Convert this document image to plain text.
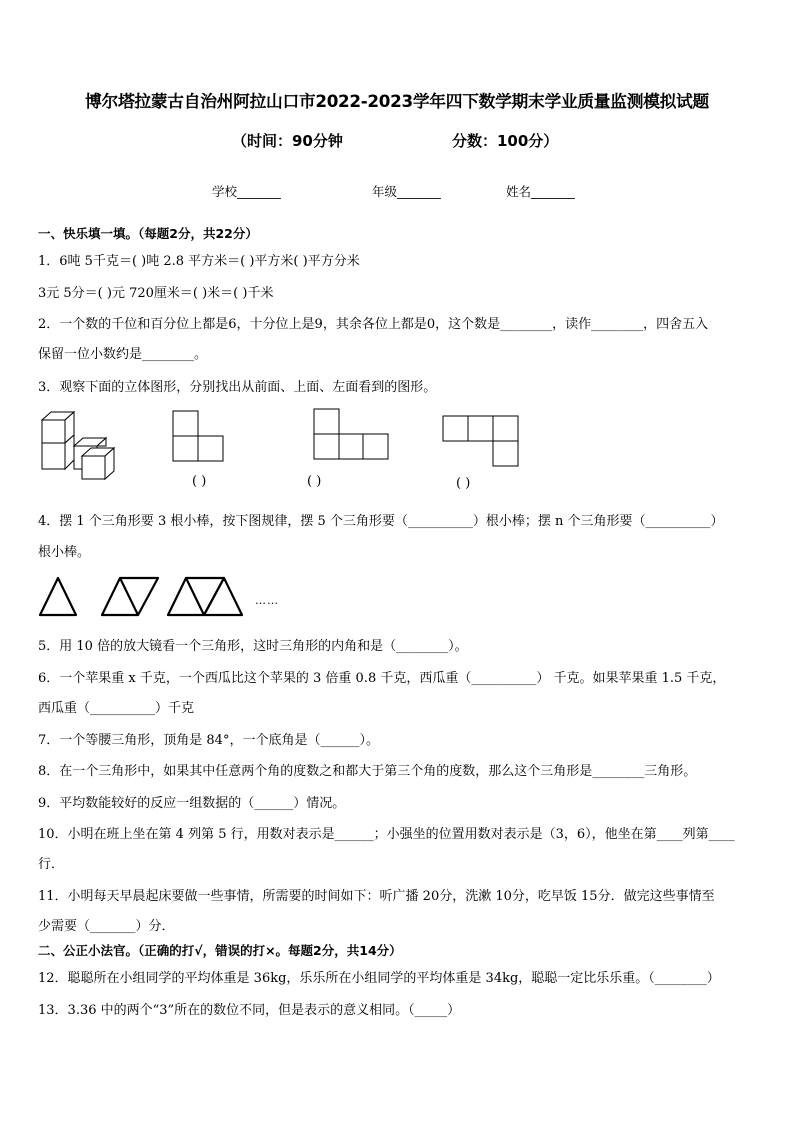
博尔塔拉蒙古自治州阿拉山口市2022-2023学年四下数学期末学业质量监测模拟试题
（时间：90分钟	分数：100分）
学校_______	年级_______	姓名_______
一、快乐填一填。（每题2分，共22分）
1．6吨 5千克＝( )吨 2.8 平方米＝( )平方米( )平方分米
3元 5分＝( )元 720厘米＝( )米＝( )千米
2．一个数的千位和百分位上都是6，十分位上是9，其余各位上都是0，这个数是________，读作________，四舍五入
保留一位小数约是________。
3．观察下面的立体图形，分别找出从前面、上面、左面看到的图形。
( )	( )	( )
4．摆 1 个三角形要 3 根小棒，按下图规律，摆 5 个三角形要（__________）根小棒；摆 n 个三角形要（__________）
根小棒。
……
5．用 10 倍的放大镜看一个三角形，这时三角形的内角和是（________）。
6．一个苹果重 x 千克，一个西瓜比这个苹果的 3 倍重 0.8 千克，西瓜重（__________） 千克。如果苹果重 1.5 千克，
西瓜重（__________）千克
7．一个等腰三角形，顶角是 84°，一个底角是（______）。
8．在一个三角形中，如果其中任意两个角的度数之和都大于第三个角的度数，那么这个三角形是________三角形。
9．平均数能较好的反应一组数据的（______）情况。
10．小明在班上坐在第 4 列第 5 行，用数对表示是______；小强坐的位置用数对表示是（3，6），他坐在第____列第____
行．
11．小明每天早晨起床要做一些事情，所需要的时间如下：听广播 20分，洗漱 10分，吃早饭 15分．做完这些事情至
少需要（_______）分．
二、公正小法官。（正确的打√，错误的打×。每题2分，共14分）
12．聪聪所在小组同学的平均体重是 36kg，乐乐所在小组同学的平均体重是 34kg，聪聪一定比乐乐重。（________）
13．3.36 中的两个“3”所在的数位不同，但是表示的意义相同。（_____）
